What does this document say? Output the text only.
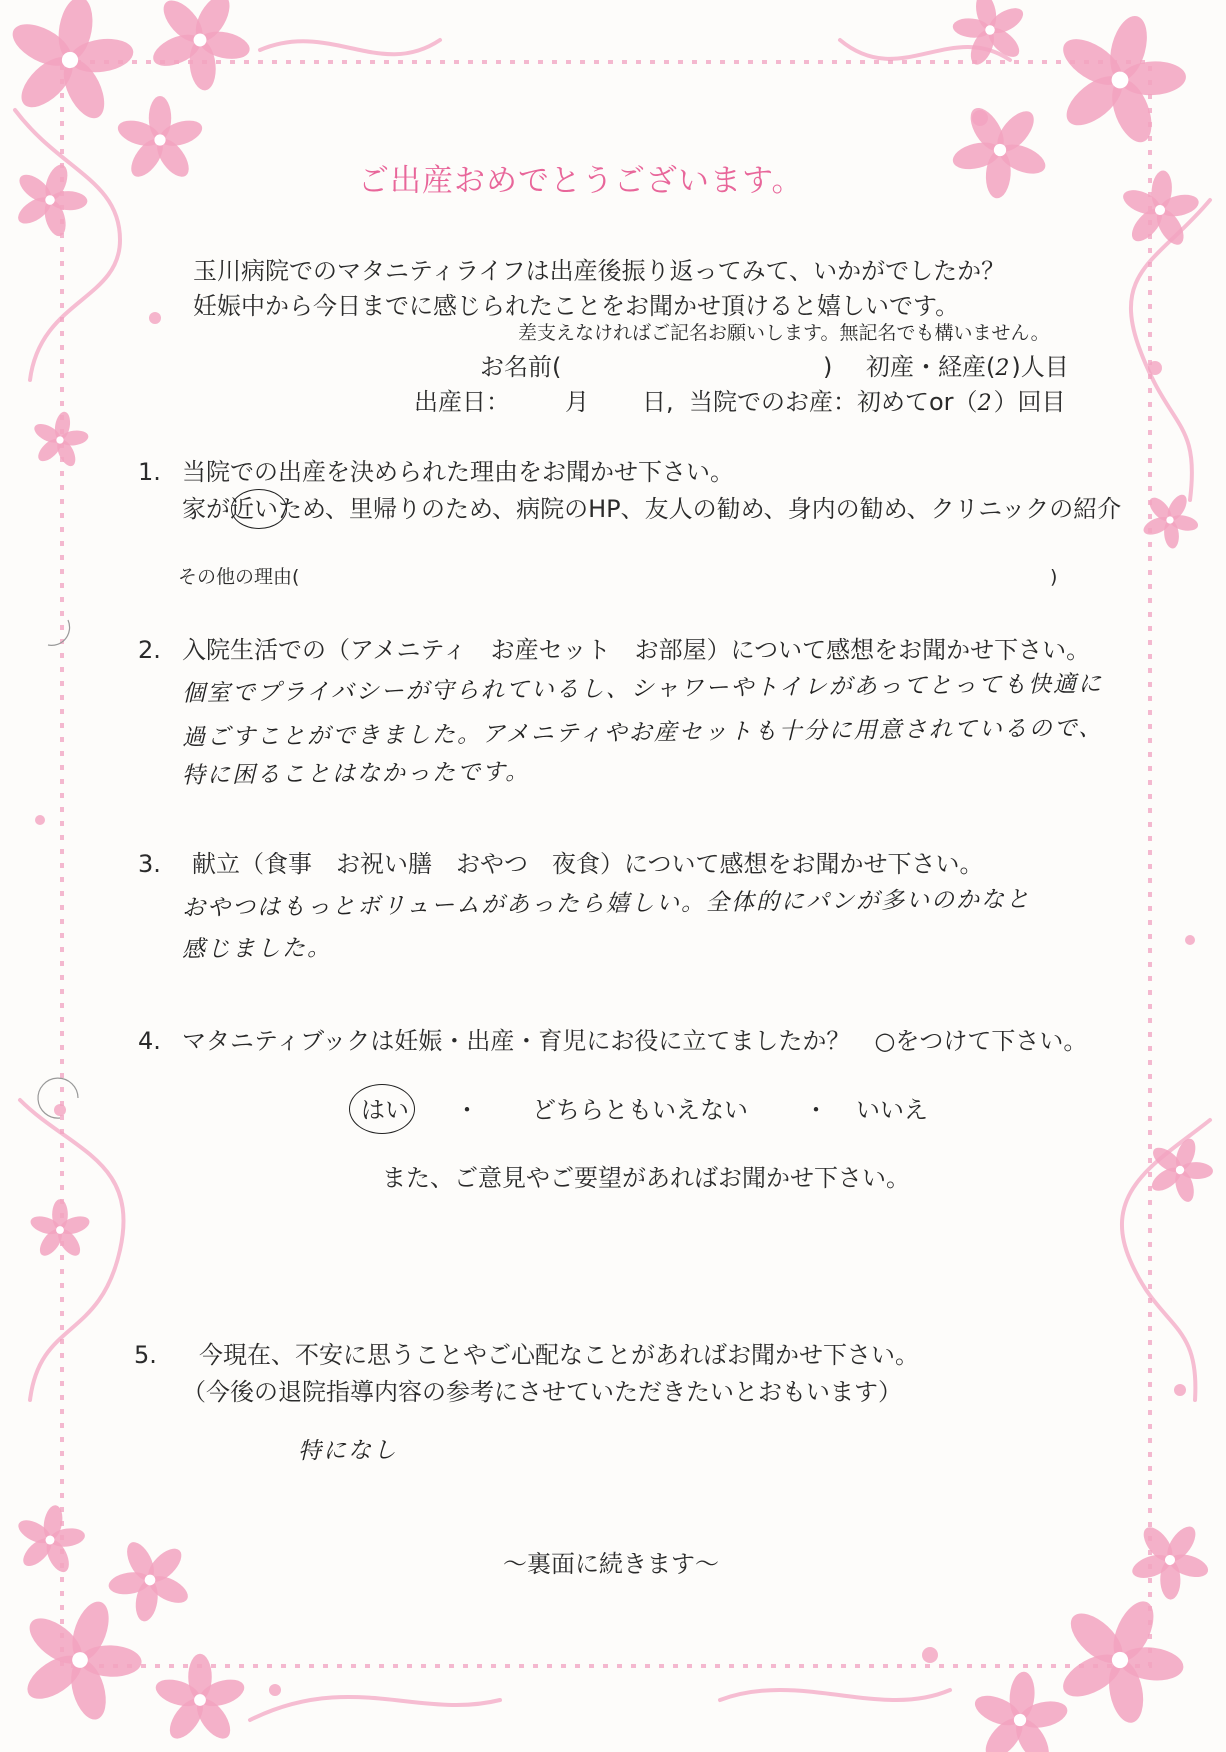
ご出産おめでとうございます。
玉川病院でのマタニティライフは出産後振り返ってみて、いかがでしたか？
妊娠中から今日までに感じられたことをお聞かせ頂けると嬉しいです。
差支えなければご記名お願いします。無記名でも構いません。
お名前(	) 初産・経産(2)人目
出産日： 月 日, 当院でのお産：初めてor（2）回目
1. 当院での出産を決められた理由をお聞かせ下さい。
家が近いため、里帰りのため、病院のHP、友人の勧め、身内の勧め、クリニックの紹介
その他の理由(	)
2. 入院生活での（アメニティ　お産セット　お部屋）について感想をお聞かせ下さい。
個室でプライバシーが守られているし、シャワーやトイレがあってとっても快適に
過ごすことができました。アメニティやお産セットも十分に用意されているので、
特に困ることはなかったです。
3. 献立（食事　お祝い膳　おやつ　夜食）について感想をお聞かせ下さい。
おやつはもっとボリュームがあったら嬉しい。全体的にパンが多いのかなと
感じました。
4. マタニティブックは妊娠・出産・育児にお役に立てましたか？　○をつけて下さい。
はい ・ どちらともいえない ・ いいえ
また、ご意見やご要望があればお聞かせ下さい。
5. 今現在、不安に思うことやご心配なことがあればお聞かせ下さい。
（今後の退院指導内容の参考にさせていただきたいとおもいます）
特になし
～裏面に続きます～
